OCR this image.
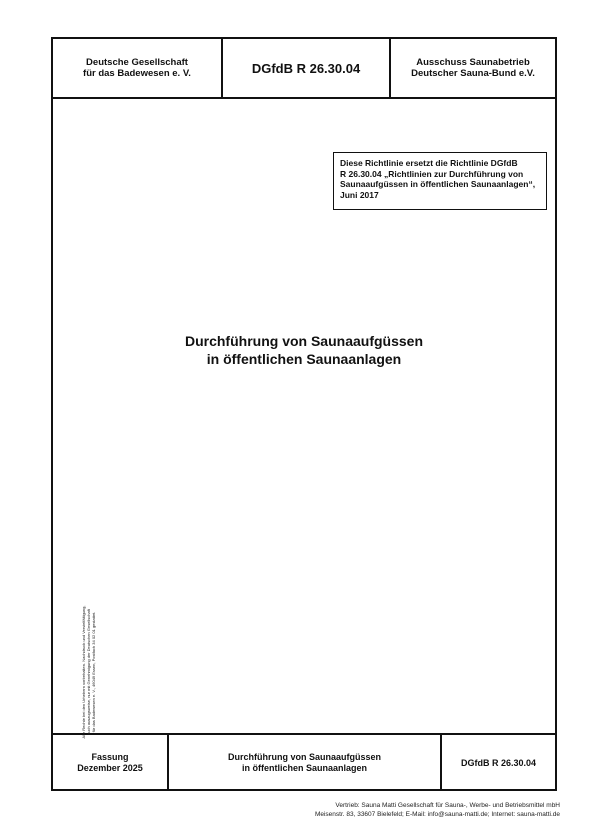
Deutsche Gesellschaft
für das Badewesen e. V.	DGfdB R 26.30.04	Ausschuss Saunabetrieb
Deutscher Sauna-Bund e.V.
Diese Richtlinie ersetzt die Richtlinie DGfdB
R 26.30.04 „Richtlinien zur Durchführung von
Saunaaufgüssen in öffentlichen Saunaanlagen“,
Juni 2017
Durchführung von Saunaaufgüssen
in öffentlichen Saunaanlagen
Fassung
Dezember 2025
Durchführung von Saunaaufgüssen
in öffentlichen Saunaanlagen
DGfdB R 26.30.04
Alle Rechte bei den Urhebern vorbehalten. Nachdruck und Vervielfältigung, auch auszugsweise, nur mit Genehmigung der Deutschen Gesellschaft für das Badewesen e. V., 46049 Essen, Postfach 34 02 01 gestattet.
Vertrieb: Sauna Matti Gesellschaft für Sauna-, Werbe- und Betriebsmittel mbH
Meisenstr. 83, 33607 Bielefeld; E-Mail: info@sauna-matti.de; Internet: sauna-matti.de
